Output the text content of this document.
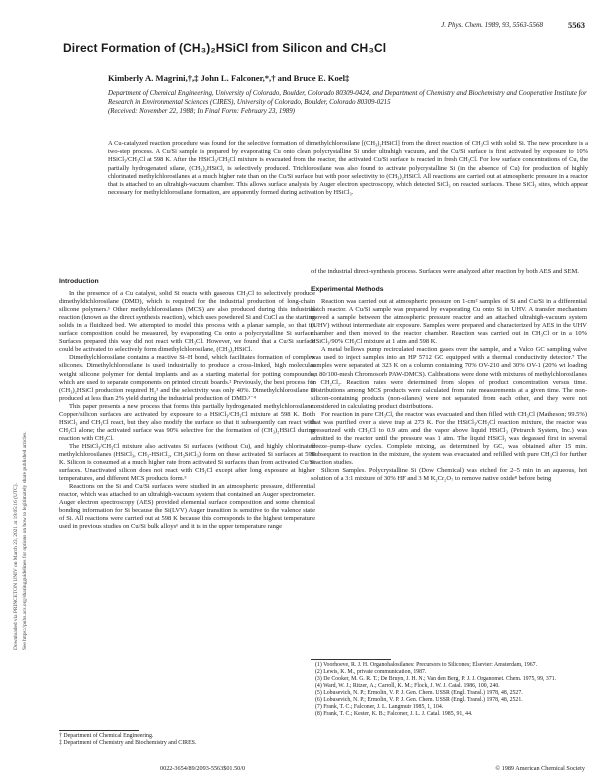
Downloaded via PRINCETON UNIV on March 23, 2021 at 19:05:16 (UTC). See https://pubs.acs.org/sharingguidelines for options on how to legitimately share published articles.
J. Phys. Chem. 1989, 93, 5563-5568	5563
Direct Formation of (CH₃)₂HSiCl from Silicon and CH₃Cl
Kimberly A. Magrini,†,‡ John L. Falconer,*,† and Bruce E. Koel‡
Department of Chemical Engineering, University of Colorado, Boulder, Colorado 80309-0424, and Department of Chemistry and Biochemistry and Cooperative Institute for Research in Environmental Sciences (CIRES), University of Colorado, Boulder, Colorado 80309-0215
(Received: November 22, 1988; In Final Form: February 23, 1989)
A Cu-catalyzed reaction procedure was found for the selective formation of dimethylchlorosilane [(CH₃)₂HSiCl] from the direct reaction of CH₃Cl with solid Si. The new procedure is a two-step process. A Cu/Si sample is prepared by evaporating Cu onto clean polycrystalline Si under ultrahigh vacuum, and the Cu/Si surface is first activated by exposure to 10% HSiCl₃/CH₃Cl at 598 K. After the HSiCl₃/CH₃Cl mixture is evacuated from the reactor, the activated Cu/Si surface is reacted in fresh CH₃Cl. For low surface concentrations of Cu, the partially hydrogenated silane, (CH₃)₂HSiCl, is selectively produced. Trichlorosilane was also found to activate polycrystalline Si (in the absence of Cu) for production of highly chlorinated methylchlorosilanes at a much higher rate than on the Cu/Si surface but with poor selectivity to (CH₃)₂HSiCl. All reactions are carried out at atmospheric pressure in a reactor that is attached to an ultrahigh-vacuum chamber. This allows surface analysis by Auger electron spectroscopy, which detected SiCl₃ on reacted surfaces. These SiCl₃ sites, which appear necessary for methylchlorosilane formation, are apparently formed during activation by HSiCl₃.
Introduction

In the presence of a Cu catalyst, solid Si reacts with gaseous CH₃Cl to selectively produce dimethyldichlorosilane (DMD), which is required for the industrial production of long-chain silicone polymers.¹ Other methylchlorosilanes (MCS) are also produced during this industrial reaction (known as the direct synthesis reaction), which uses powdered Si and CuCl as the starting solids in a fluidized bed. We attempted to model this process with a planar sample, so that its surface composition could be measured, by evaporating Cu onto a polycrystalline Si surface. Surfaces prepared this way did not react with CH₃Cl. However, we found that a Cu/Si surface could be activated to selectively form dimethylchlorosilane, (CH₃)₂HSiCl.

Dimethylchlorosilane contains a reactive Si–H bond, which facilitates formation of complex silicones. Dimethylchlorosilane is used industrially to produce a cross-linked, high molecular weight silicone polymer for dental implants and as a starting material for potting compounds, which are used to separate components on printed circuit boards.² Previously, the best process for (CH₃)₂HSiCl production required H₂³ and the selectivity was only 40%. Dimethylchlorosilane is produced at less than 2% yield during the industrial production of DMD.³⁻⁴

This paper presents a new process that forms this partially hydrogenated methylchlorosilane. Copper/silicon surfaces are activated by exposure to a HSiCl₃/CH₃Cl mixture at 598 K. Both HSiCl₃ and CH₃Cl react, but they also modify the surface so that it subsequently can react with CH₃Cl alone; the activated surface was 90% selective for the formation of (CH₃)₂HSiCl during reaction with CH₃Cl.

The HSiCl₃/CH₃Cl mixture also activates Si surfaces (without Cu), and highly chlorinated methylchlorosilanes (HSiCl₃, CH₃-HSiCl₂, CH₃SiCl₃) form on these activated Si surfaces at 598 K. Silicon is consumed at a much higher rate from activated Si surfaces than from activated Cu/Si surfaces. Unactivated silicon does not react with CH₃Cl except after long exposure at higher temperatures, and different MCS products form.⁵

Reactions on the Si and Cu/Si surfaces were studied in an atmospheric pressure, differential reactor, which was attached to an ultrahigh-vacuum system that contained an Auger spectrometer. Auger electron spectroscopy (AES) provided elemental surface composition and some chemical bonding information for Si because the Si(LVV) Auger transition is sensitive to the valence state of Si. All reactions were carried out at 598 K because this corresponds to the highest temperature used in previous studies on Cu/Si bulk alloys⁶ and it is in the upper temperature range

† Department of Chemical Engineering.
‡ Department of Chemistry and Biochemistry and CIRES.

of the industrial direct-synthesis process. Surfaces were analyzed after reaction by both AES and SEM.

Experimental Methods

Reaction was carried out at atmospheric pressure on 1-cm² samples of Si and Cu/Si in a differential batch reactor. A Cu/Si sample was prepared by evaporating Cu onto Si in UHV. A transfer mechanism moved a sample between the atmospheric pressure reactor and an attached ultrahigh-vacuum system (UHV) without intermediate air exposure. Samples were prepared and characterized by AES in the UHV chamber and then moved to the reactor chamber. Reaction was carried out in CH₃Cl or in a 10% HSiCl₃/90% CH₃Cl mixture at 1 atm and 598 K.

A metal bellows pump recirculated reaction gases over the sample, and a Valco GC sampling valve was used to inject samples into an HP 5712 GC equipped with a thermal conductivity detector.⁷ The samples were separated at 323 K on a column containing 70% OV-210 and 30% OV-1 (20% wt loading on 80/100-mesh Chromosorb PAW-DMCS). Calibrations were done with mixtures of methylchlorosilanes in CH₂Cl₂. Reaction rates were determined from slopes of product concentration versus time. Distributions among MCS products were calculated from rate measurements at a given time. The non-silicon-containing products (non-silanes) were not separated from each other, and they were not considered in calculating product distributions.

For reaction in pure CH₃Cl, the reactor was evacuated and then filled with CH₃Cl (Matheson; 99.5%) that was purified over a sieve trap at 273 K. For the HSiCl₃/CH₃Cl reaction mixture, the reactor was pressurized with CH₃Cl to 0.9 atm and the vapor above liquid HSiCl₃ (Petrarch System, Inc.) was admitted to the reactor until the pressure was 1 atm. The liquid HSiCl₃ was degassed first in several freeze–pump–thaw cycles. Complete mixing, as determined by GC, was obtained after 15 min. Subsequent to reaction in the mixture, the system was evacuated and refilled with pure CH₃Cl for further reaction studies.

Silicon Samples. Polycrystalline Si (Dow Chemical) was etched for 2–5 min in an aqueous, hot solution of a 3:1 mixture of 30% HF and 3 M K₂Cr₂O₇ to remove native oxide⁸ before being

(1) Voorhoeve, R. J. H. Organohalosilanes: Precursors to Silicones; Elsevier: Amsterdam, 1967.
(2) Lewis, K. M., private communication, 1987.
(3) De Cooker, M. G. R. T.; De Bruyn, J. H. N.; Van den Berg, P. J. J. Organomet. Chem. 1975, 99, 371.
(4) Ward, W. J.; Ritzer, A.; Carroll, K. M.; Flock, J. W. J. Catal. 1986, 100, 240.
(5) Lobusevich, N. P.; Ermolin, V. P. J. Gen. Chem. USSR (Engl. Transl.) 1978, 48, 2527.
(6) Lobusevich, N. P.; Ermolin, V. P. J. Gen. Chem. USSR (Engl. Transl.) 1978, 48, 2521.
(7) Frank, T. C.; Falconer, J. L. Langmuir 1985, 1, 104.
(8) Frank, T. C.; Kester, K. B.; Falconer, J. L. J. Catal. 1985, 91, 44.
0022-3654/89/2093-5563$01.50/0	© 1989 American Chemical Society
